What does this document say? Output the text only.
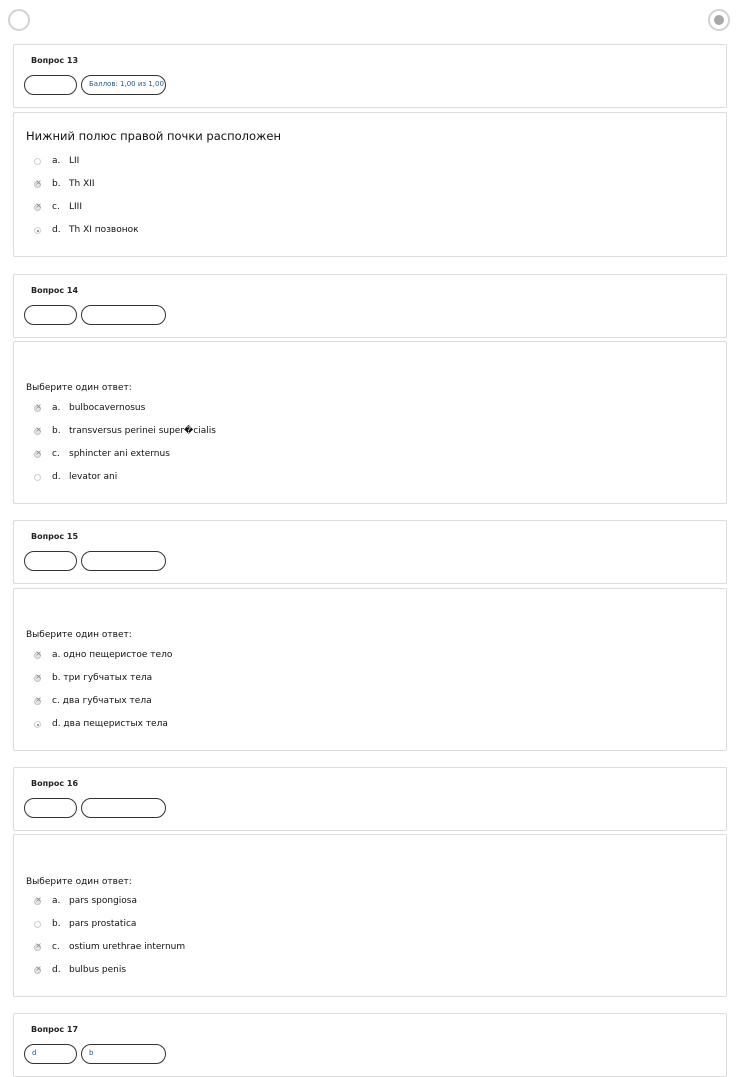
Вопрос 13
Баллов: 1,00 из 1,00
Нижний полюс правой почки расположен
a. LII
×
b. Th XII
×
c. LIII
d. Th XI позвонок
Вопрос 14
Выберите один ответ:
×
a. bulbocavernosus
×
b. transversus perinei super�cialis
×
c. sphincter ani externus
d. levator ani
Вопрос 15
Выберите один ответ:
×
a. одно пещеристое тело
×
b. три губчатых тела
×
c. два губчатых тела
d. два пещеристых тела
Вопрос 16
Выберите один ответ:
×
a. pars spongiosa
b. pars prostatica
×
c. ostium urethrae internum
×
d. bulbus penis
Вопрос 17
d	b
